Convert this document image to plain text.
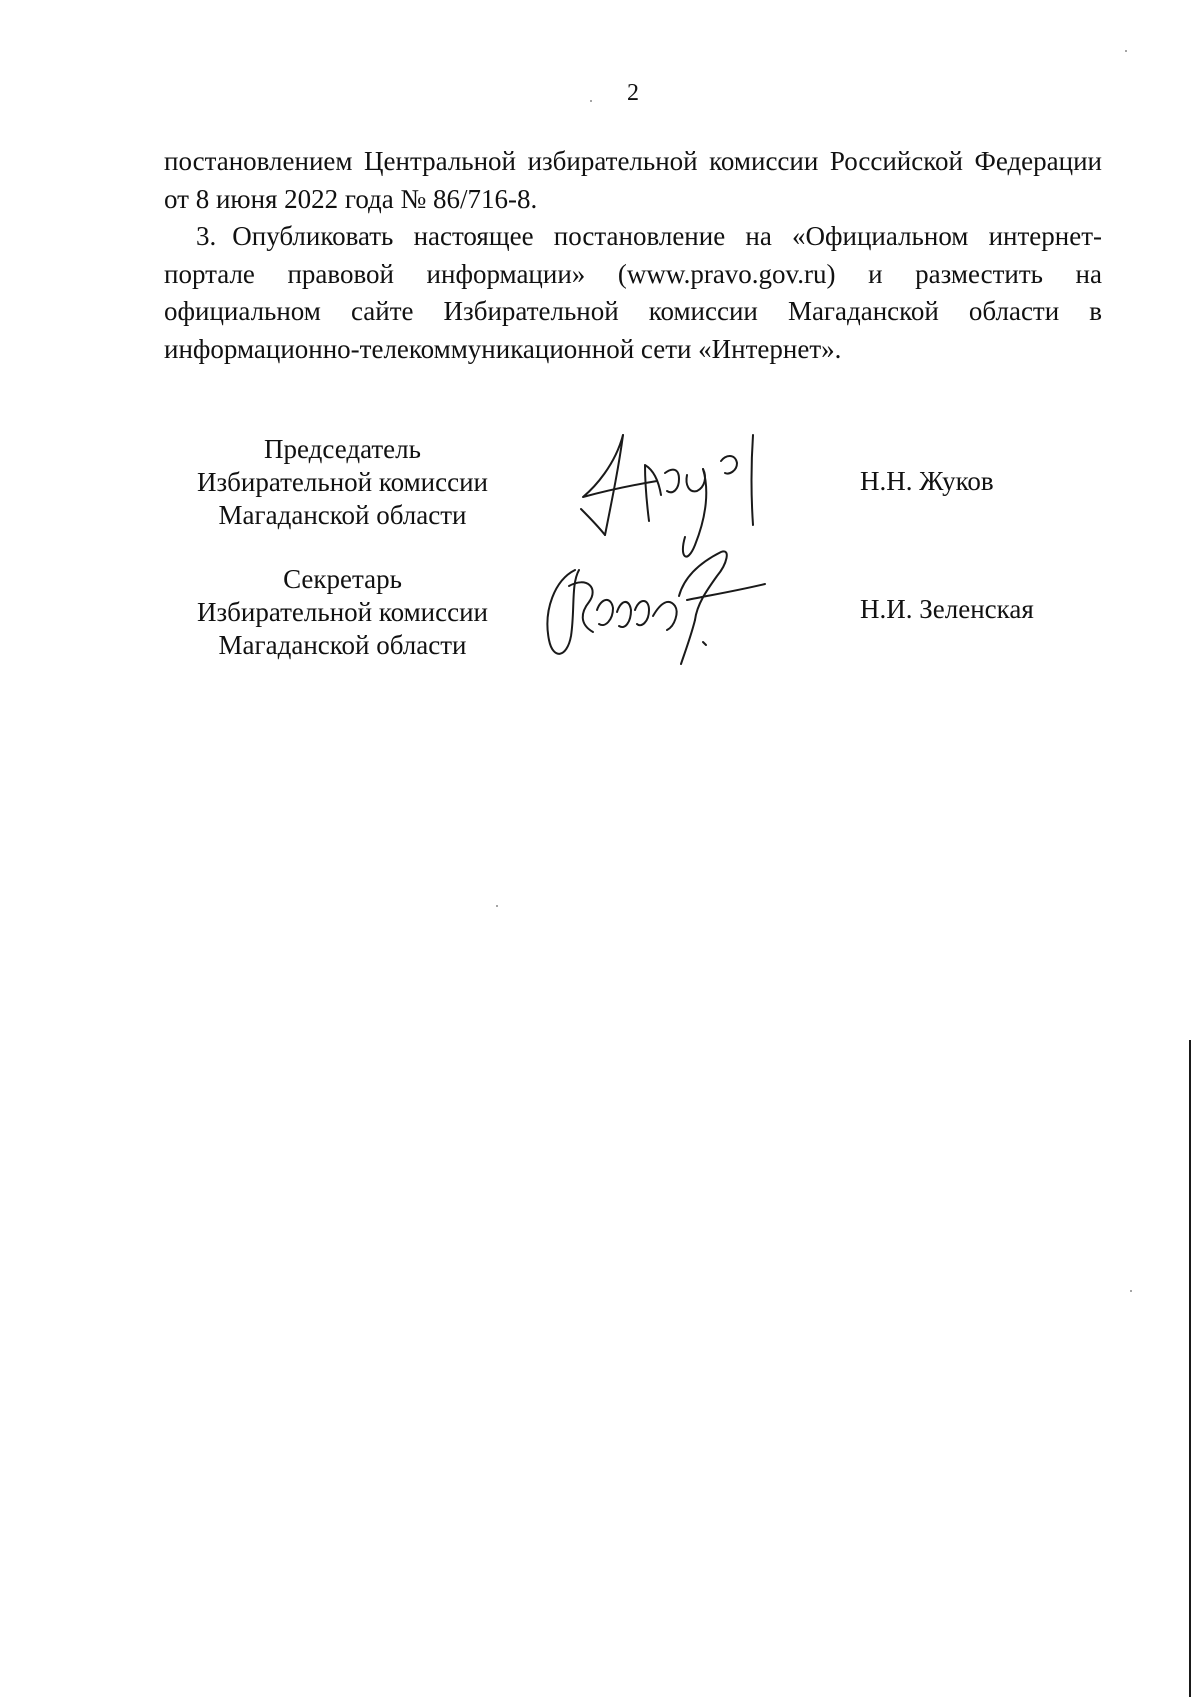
2
постановлением Центральной избирательной комиссии Российской Федерации от 8 июня 2022 года № 86/716-8.
3. Опубликовать настоящее постановление на «Официальном интернет-портале правовой информации» (www.pravo.gov.ru) и разместить на официальном сайте Избирательной комиссии Магаданской области в информационно-телекоммуникационной сети «Интернет».
Председатель
Избирательной комиссии
Магаданской области
Н.Н. Жуков
Секретарь
Избирательной комиссии
Магаданской области
Н.И. Зеленская
